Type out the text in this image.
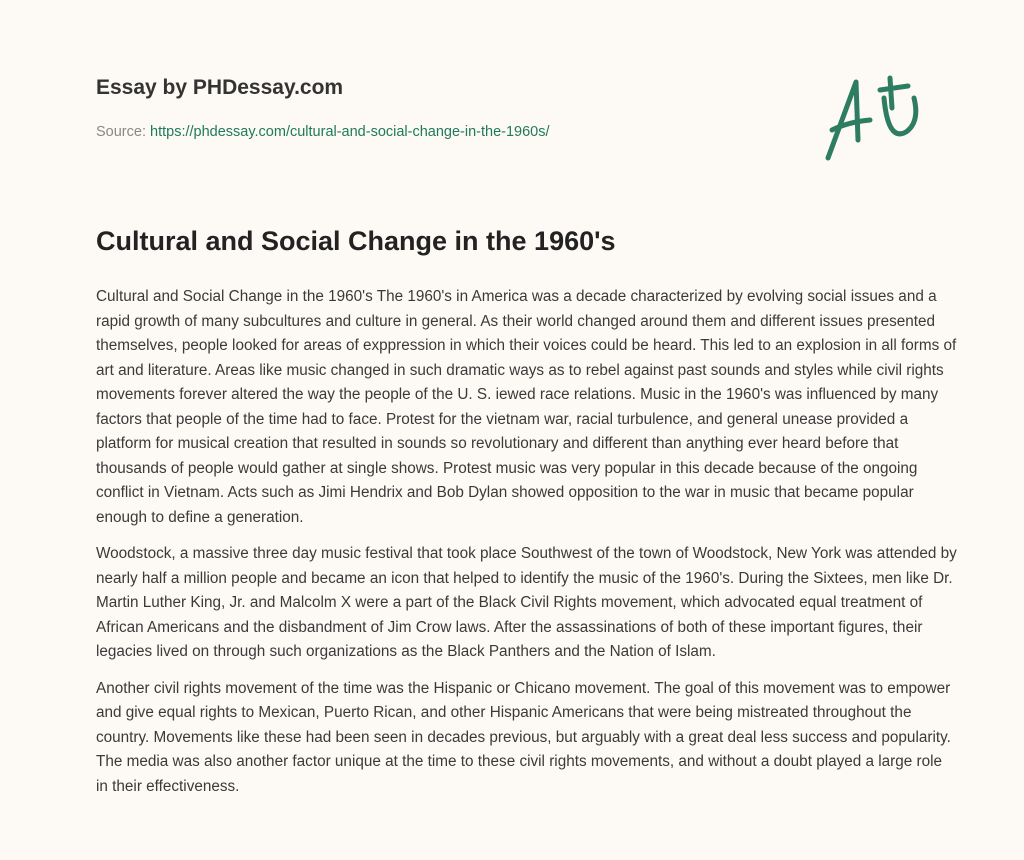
Essay by PHDessay.com
Source: https://phdessay.com/cultural-and-social-change-in-the-1960s/
Cultural and Social Change in the 1960's

Cultural and Social Change in the 1960's The 1960's in America was a decade characterized by evolving social issues and a rapid growth of many subcultures and culture in general. As their world changed around them and different issues presented themselves, people looked for areas of exppression in which their voices could be heard. This led to an explosion in all forms of art and literature. Areas like music changed in such dramatic ways as to rebel against past sounds and styles while civil rights movements forever altered the way the people of the U. S. iewed race relations. Music in the 1960's was influenced by many factors that people of the time had to face. Protest for the vietnam war, racial turbulence, and general unease provided a platform for musical creation that resulted in sounds so revolutionary and different than anything ever heard before that thousands of people would gather at single shows. Protest music was very popular in this decade because of the ongoing conflict in Vietnam. Acts such as Jimi Hendrix and Bob Dylan showed opposition to the war in music that became popular enough to define a generation.

Woodstock, a massive three day music festival that took place Southwest of the town of Woodstock, New York was attended by nearly half a million people and became an icon that helped to identify the music of the 1960's. During the Sixtees, men like Dr. Martin Luther King, Jr. and Malcolm X were a part of the Black Civil Rights movement, which advocated equal treatment of African Americans and the disbandment of Jim Crow laws. After the assassinations of both of these important figures, their legacies lived on through such organizations as the Black Panthers and the Nation of Islam.

Another civil rights movement of the time was the Hispanic or Chicano movement. The goal of this movement was to empower and give equal rights to Mexican, Puerto Rican, and other Hispanic Americans that were being mistreated throughout the country. Movements like these had been seen in decades previous, but arguably with a great deal less success and popularity. The media was also another factor unique at the time to these civil rights movements, and without a doubt played a large role in their effectiveness.
